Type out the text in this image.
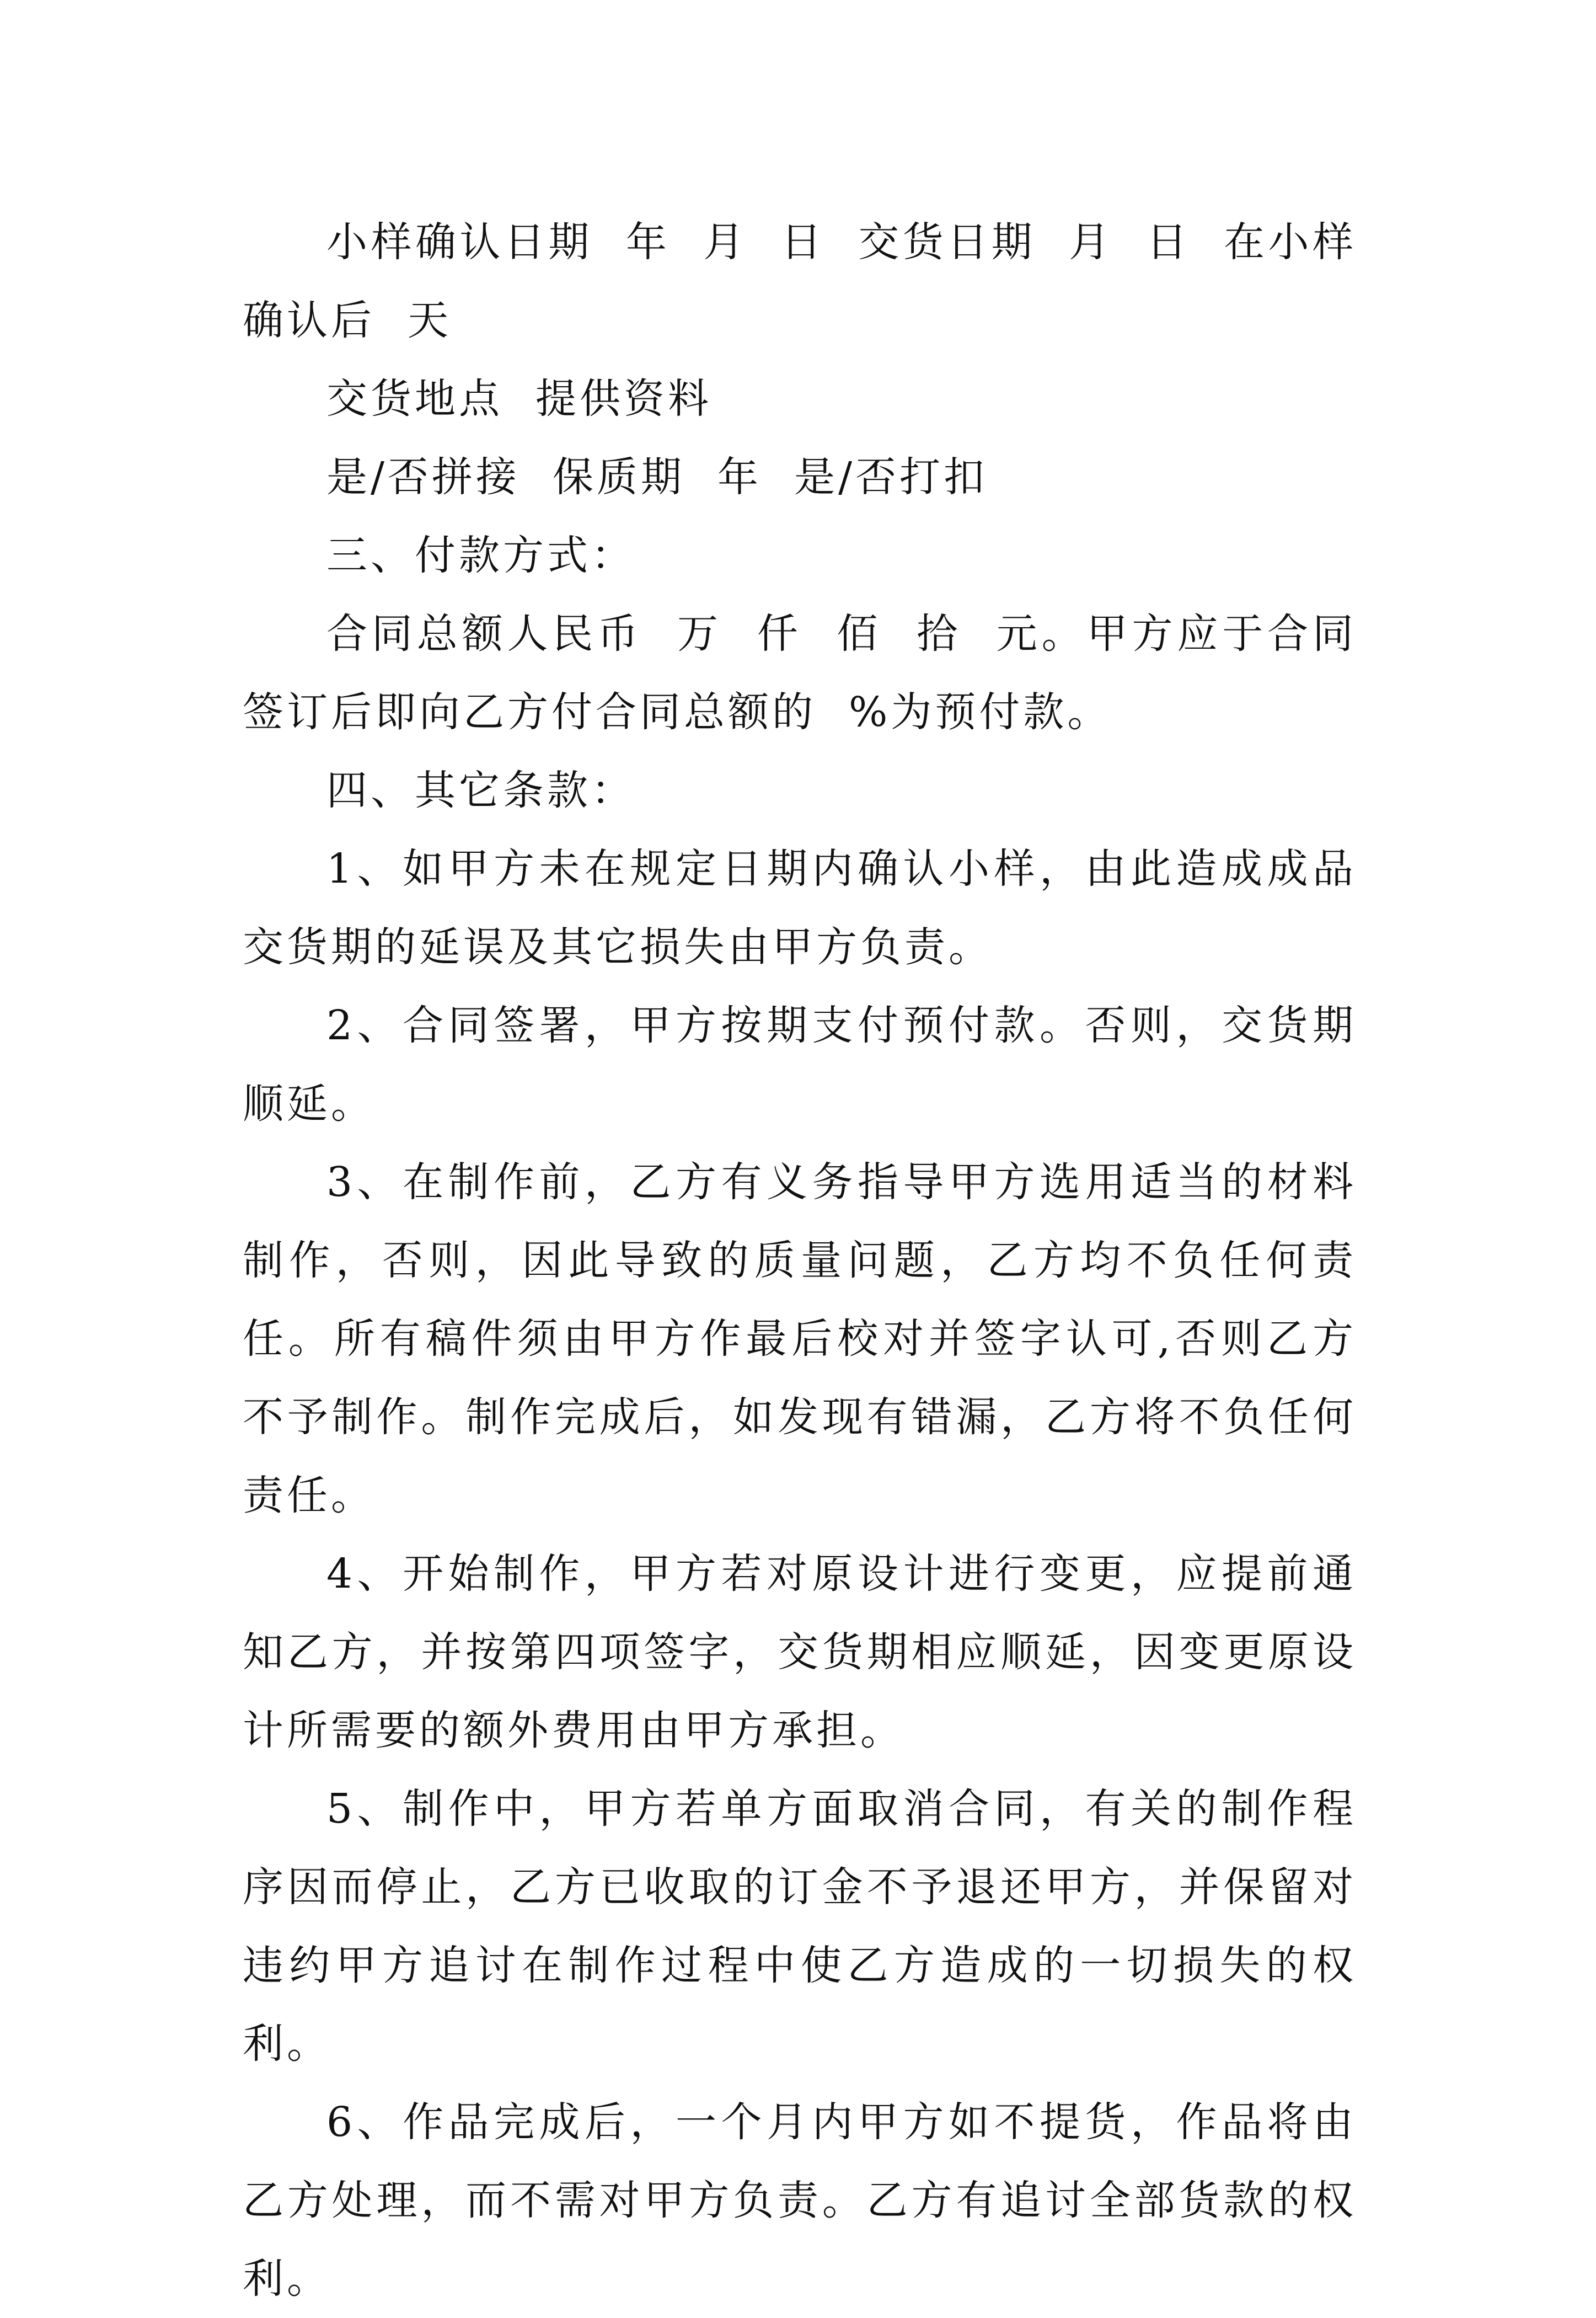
小样确认日期  年  月  日  交货日期  月  日  在小样确认后  天

交货地点  提供资料

是/否拼接  保质期  年  是/否打扣

三、付款方式：

合同总额人民币  万  仟  佰  拾  元。甲方应于合同签订后即向乙方付合同总额的  %为预付款。

四、其它条款：

1、如甲方未在规定日期内确认小样，由此造成成品交货期的延误及其它损失由甲方负责。

2、合同签署，甲方按期支付预付款。否则，交货期顺延。

3、在制作前，乙方有义务指导甲方选用适当的材料制作，否则，因此导致的质量问题，乙方均不负任何责任。所有稿件须由甲方作最后校对并签字认可,否则乙方不予制作。制作完成后，如发现有错漏，乙方将不负任何责任。

4、开始制作，甲方若对原设计进行变更，应提前通知乙方，并按第四项签字，交货期相应顺延，因变更原设计所需要的额外费用由甲方承担。

5、制作中，甲方若单方面取消合同，有关的制作程序因而停止，乙方已收取的订金不予退还甲方，并保留对违约甲方追讨在制作过程中使乙方造成的一切损失的权利。

6、作品完成后，一个月内甲方如不提货，作品将由乙方处理，而不需对甲方负责。乙方有追讨全部货款的权利。
